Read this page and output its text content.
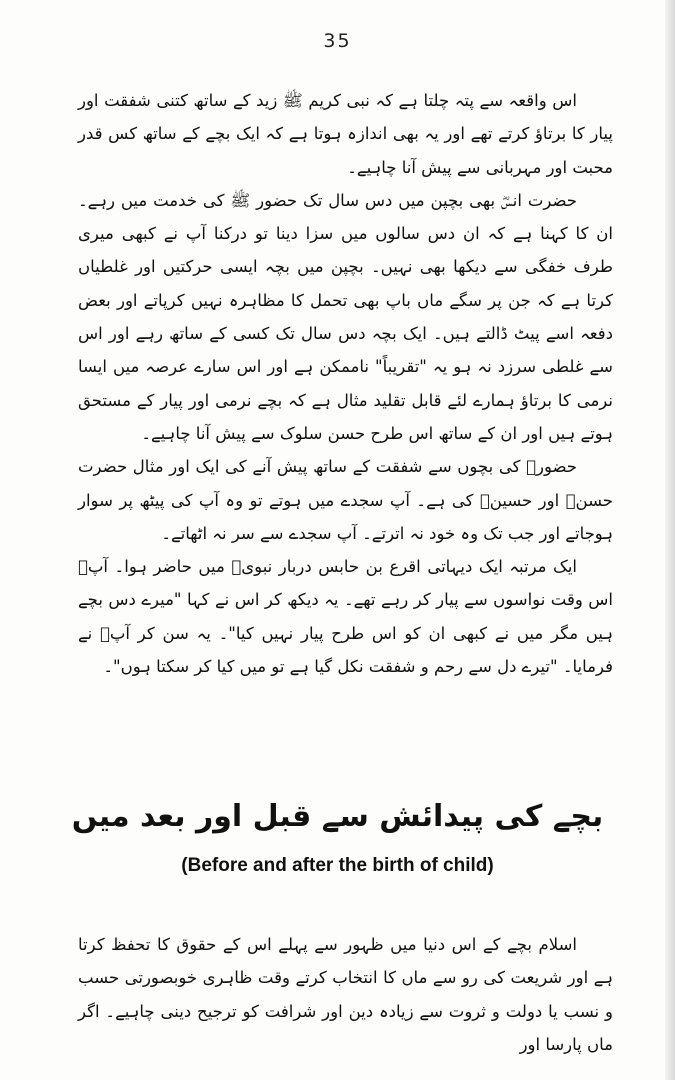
35

اس واقعہ سے پتہ چلتا ہے کہ نبی کریم ﷺ زید کے ساتھ کتنی شفقت اور پیار کا برتاؤ کرتے تھے اور یہ بھی اندازہ ہوتا ہے کہ ایک بچے کے ساتھ کس قدر محبت اور مہربانی سے پیش آنا چاہیے۔

حضرت انسؓ بھی بچپن میں دس سال تک حضور ﷺ کی خدمت میں رہے۔ ان کا کہنا ہے کہ ان دس سالوں میں سزا دینا تو درکنا آپ نے کبھی میری طرف خفگی سے دیکھا بھی نہیں۔ بچپن میں بچہ ایسی حرکتیں اور غلطیاں کرتا ہے کہ جن پر سگے ماں باپ بھی تحمل کا مظاہرہ نہیں کرپاتے اور بعض دفعہ اسے پیٹ ڈالتے ہیں۔ ایک بچہ دس سال تک کسی کے ساتھ رہے اور اس سے غلطی سرزد نہ ہو یہ "تقریباً" ناممکن ہے اور اس سارے عرصہ میں ایسا نرمی کا برتاؤ ہمارے لئے قابل تقلید مثال ہے کہ بچے نرمی اور پیار کے مستحق ہوتے ہیں اور ان کے ساتھ اس طرح حسن سلوک سے پیش آنا چاہیے۔

حضورؐ کی بچوں سے شفقت کے ساتھ پیش آنے کی ایک اور مثال حضرت حسنؓ اور حسینؓ کی ہے۔ آپ سجدے میں ہوتے تو وہ آپ کی پیٹھ پر سوار ہوجاتے اور جب تک وہ خود نہ اترتے۔ آپ سجدے سے سر نہ اٹھاتے۔

ایک مرتبہ ایک دیہاتی اقرع بن حابس دربار نبویؐ میں حاضر ہوا۔ آپؐ اس وقت نواسوں سے پیار کر رہے تھے۔ یہ دیکھ کر اس نے کہا "میرے دس بچے ہیں مگر میں نے کبھی ان کو اس طرح پیار نہیں کیا"۔ یہ سن کر آپؐ نے فرمایا۔ "تیرے دل سے رحم و شفقت نکل گیا ہے تو میں کیا کر سکتا ہوں"۔

بچے کی پیدائش سے قبل اور بعد میں
(Before and after the birth of child)

اسلام بچے کے اس دنیا میں ظہور سے پہلے اس کے حقوق کا تحفظ کرتا ہے اور شریعت کی رو سے ماں کا انتخاب کرتے وقت ظاہری خوبصورتی حسب و نسب یا دولت و ثروت سے زیادہ دین اور شرافت کو ترجیح دینی چاہیے۔ اگر ماں پارسا اور
